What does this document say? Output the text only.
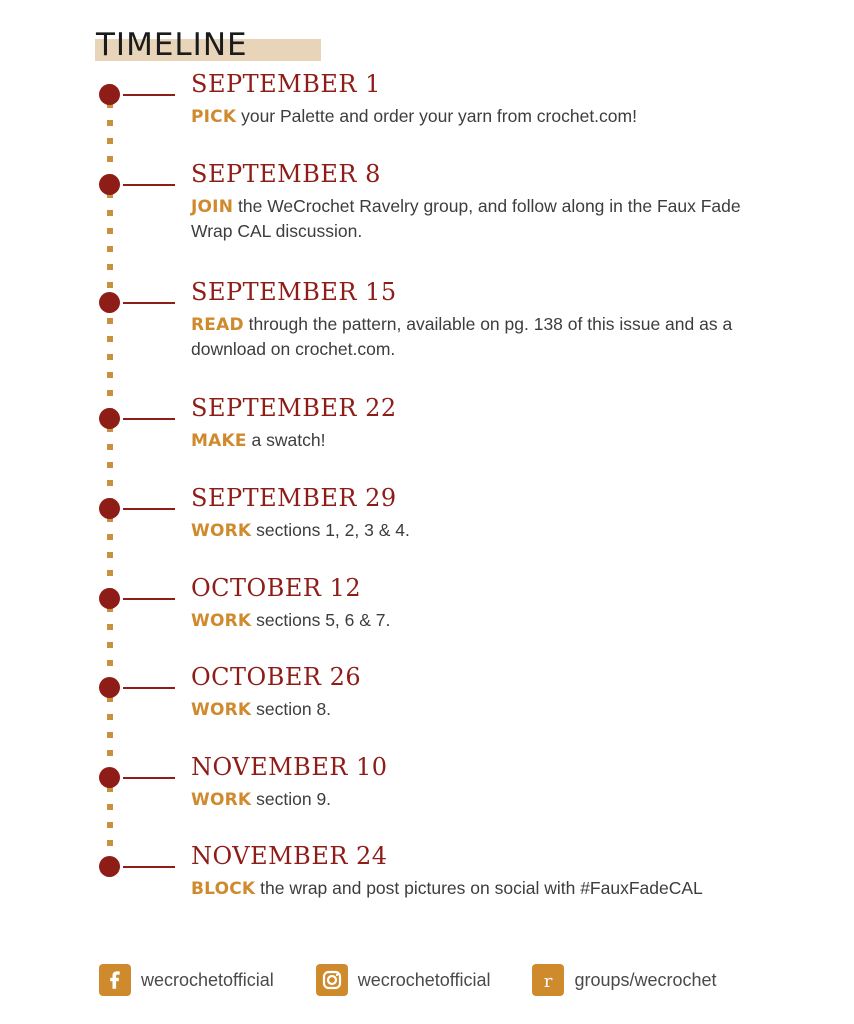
TIMELINE
SEPTEMBER 1
PICK your Palette and order your yarn from crochet.com!
SEPTEMBER 8
JOIN the WeCrochet Ravelry group, and follow along in the Faux Fade Wrap CAL discussion.
SEPTEMBER 15
READ through the pattern, available on pg. 138 of this issue and as a download on crochet.com.
SEPTEMBER 22
MAKE a swatch!
SEPTEMBER 29
WORK sections 1, 2, 3 & 4.
OCTOBER 12
WORK sections 5, 6 & 7.
OCTOBER 26
WORK section 8.
NOVEMBER 10
WORK section 9.
NOVEMBER 24
BLOCK the wrap and post pictures on social with #FauxFadeCAL
wecrochetofficial	wecrochetofficial	r groups/wecrochet
